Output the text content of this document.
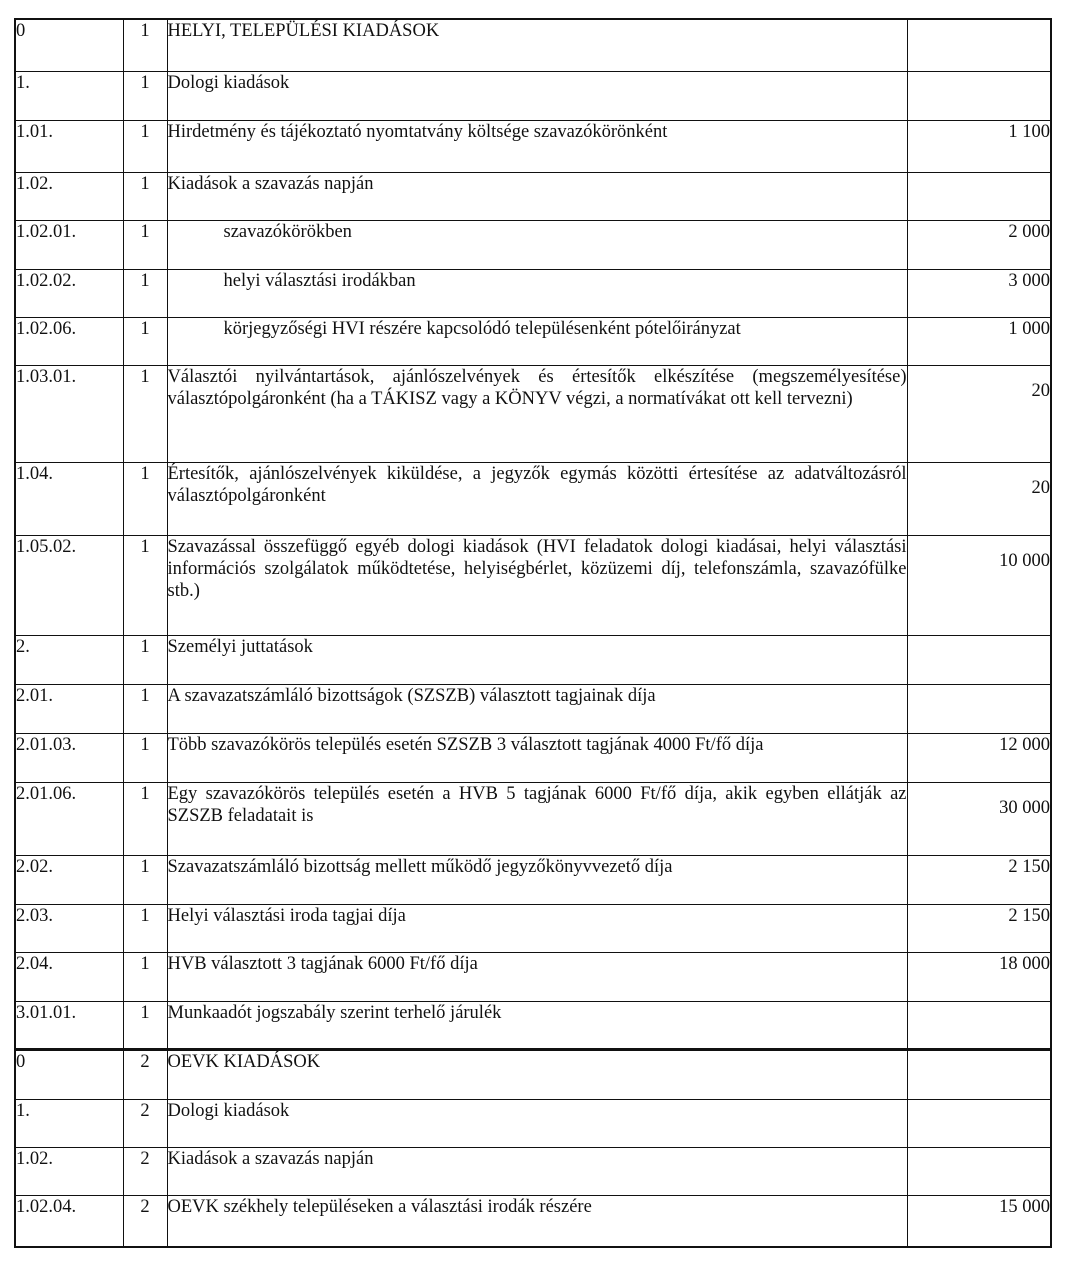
0	1	HELYI, TELEPÜLÉSI KIADÁSOK	
1.	1	Dologi kiadások	
1.01.	1	Hirdetmény és tájékoztató nyomtatvány költsége szavazókörönként	1 100
1.02.	1	Kiadások a szavazás napján	
1.02.01.	1	szavazókörökben	2 000
1.02.02.	1	helyi választási irodákban	3 000
1.02.06.	1	körjegyzőségi HVI részére kapcsolódó településenként pótelőirányzat	1 000
1.03.01.	1	Választói nyilvántartások, ajánlószelvények és értesítők elkészítése (megszemélyesítése) választópolgáronként (ha a TÁKISZ vagy a KÖNYV végzi, a normatívákat ott kell tervezni)	20
1.04.	1	Értesítők, ajánlószelvények kiküldése, a jegyzők egymás közötti értesítése az adatváltozásról választópolgáronként	20
1.05.02.	1	Szavazással összefüggő egyéb dologi kiadások (HVI feladatok dologi kiadásai, helyi választási információs szolgálatok működtetése, helyiségbérlet, közüzemi díj, telefonszámla, szavazófülke stb.)	10 000
2.	1	Személyi juttatások	
2.01.	1	A szavazatszámláló bizottságok (SZSZB) választott tagjainak díja	
2.01.03.	1	Több szavazókörös település esetén SZSZB 3 választott tagjának 4000 Ft/fő díja	12 000
2.01.06.	1	Egy szavazókörös település esetén a HVB 5 tagjának 6000 Ft/fő díja, akik egyben ellátják az SZSZB feladatait is	30 000
2.02.	1	Szavazatszámláló bizottság mellett működő jegyzőkönyvvezető díja	2 150
2.03.	1	Helyi választási iroda tagjai díja	2 150
2.04.	1	HVB választott 3 tagjának 6000 Ft/fő díja	18 000
3.01.01.	1	Munkaadót jogszabály szerint terhelő járulék	
0	2	OEVK KIADÁSOK	
1.	2	Dologi kiadások	
1.02.	2	Kiadások a szavazás napján	
1.02.04.	2	OEVK székhely településeken a választási irodák részére	15 000
